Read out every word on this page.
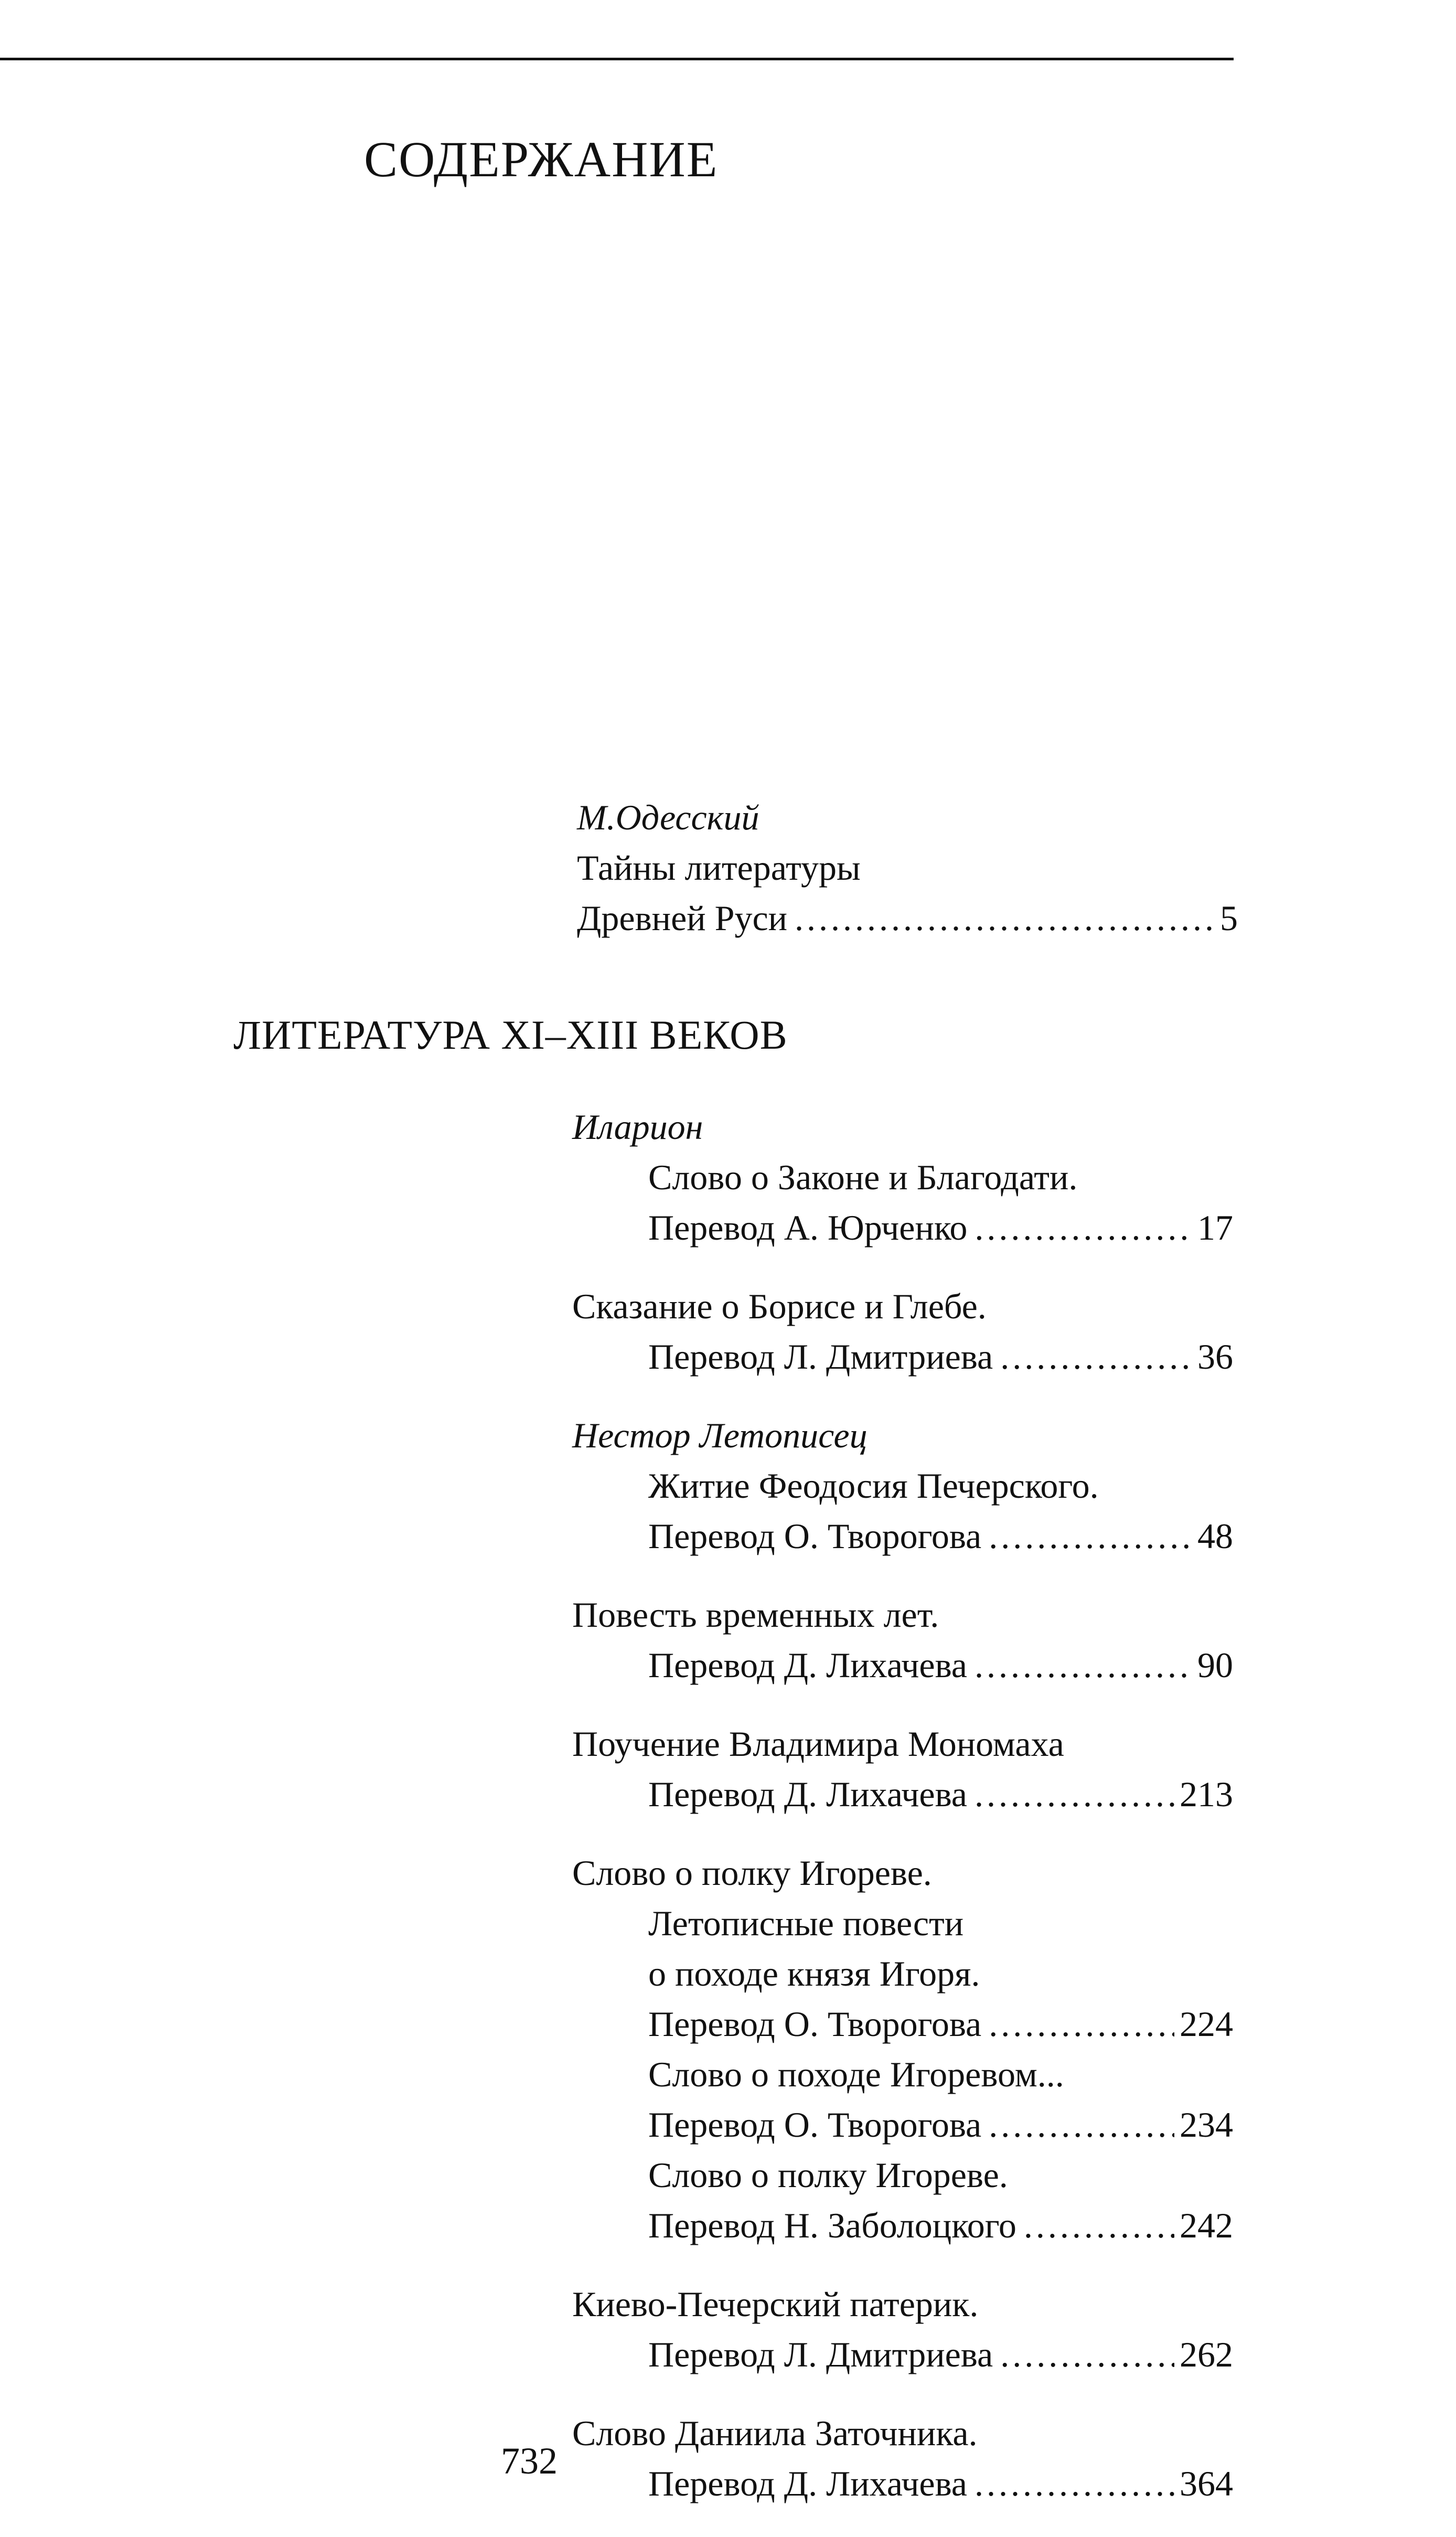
СОДЕРЖАНИЕ
М.Одесский
Тайны литературы
Древней Руси .....	5
ЛИТЕРАТУРА XI–XIII ВЕКОВ
Иларион
Слово о Законе и Благодати.
Перевод А. Юрченко .....	17
Сказание о Борисе и Глебе.
Перевод Л. Дмитриева .....	36
Нестор Летописец
Житие Феодосия Печерского.
Перевод О. Творогова .....	48
Повесть временных лет.
Перевод Д. Лихачева .....	90
Поучение Владимира Мономаха
Перевод Д. Лихачева .....	213
Слово о полку Игореве.
Летописные повести
о походе князя Игоря.
Перевод О. Творогова .....	224
Слово о походе Игоревом...
Перевод О. Творогова .....	234
Слово о полку Игореве.
Перевод Н. Заболоцкого .....	242
Киево-Печерский патерик.
Перевод Л. Дмитриева .....	262
Слово Даниила Заточника.
Перевод Д. Лихачева .....	364
732
